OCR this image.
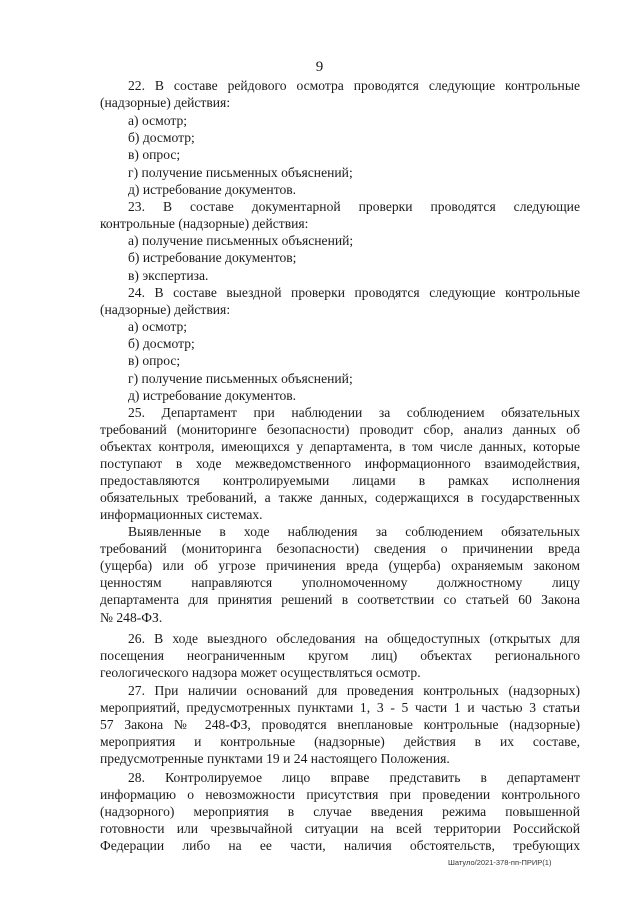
9
22. В составе рейдового осмотра проводятся следующие контрольные
(надзорные) действия:
а) осмотр;
б) досмотр;
в) опрос;
г) получение письменных объяснений;
д) истребование документов.
23. В составе документарной проверки проводятся следующие
контрольные (надзорные) действия:
а) получение письменных объяснений;
б) истребование документов;
в) экспертиза.
24. В составе выездной проверки проводятся следующие контрольные
(надзорные) действия:
а) осмотр;
б) досмотр;
в) опрос;
г) получение письменных объяснений;
д) истребование документов.
25. Департамент при наблюдении за соблюдением обязательных
требований (мониторинге безопасности) проводит сбор, анализ данных об
объектах контроля, имеющихся у департамента, в том числе данных, которые
поступают в ходе межведомственного информационного взаимодействия,
предоставляются контролируемыми лицами в рамках исполнения
обязательных требований, а также данных, содержащихся в государственных
информационных системах.
Выявленные в ходе наблюдения за соблюдением обязательных
требований (мониторинга безопасности) сведения о причинении вреда
(ущерба) или об угрозе причинения вреда (ущерба) охраняемым законом
ценностям направляются уполномоченному должностному лицу
департамента для принятия решений в соответствии со статьей 60 Закона
№ 248-ФЗ.
26. В ходе выездного обследования на общедоступных (открытых для
посещения неограниченным кругом лиц) объектах регионального
геологического надзора может осуществляться осмотр.
27. При наличии оснований для проведения контрольных (надзорных)
мероприятий, предусмотренных пунктами 1, 3 - 5 части 1 и частью 3 статьи
57 Закона № 248-ФЗ, проводятся внеплановые контрольные (надзорные)
мероприятия и контрольные (надзорные) действия в их составе,
предусмотренные пунктами 19 и 24 настоящего Положения.
28. Контролируемое лицо вправе представить в департамент
информацию о невозможности присутствия при проведении контрольного
(надзорного) мероприятия в случае введения режима повышенной
готовности или чрезвычайной ситуации на всей территории Российской
Федерации либо на ее части, наличия обстоятельств, требующих
Шатуло/2021-378-пп-ПРИР(1)
